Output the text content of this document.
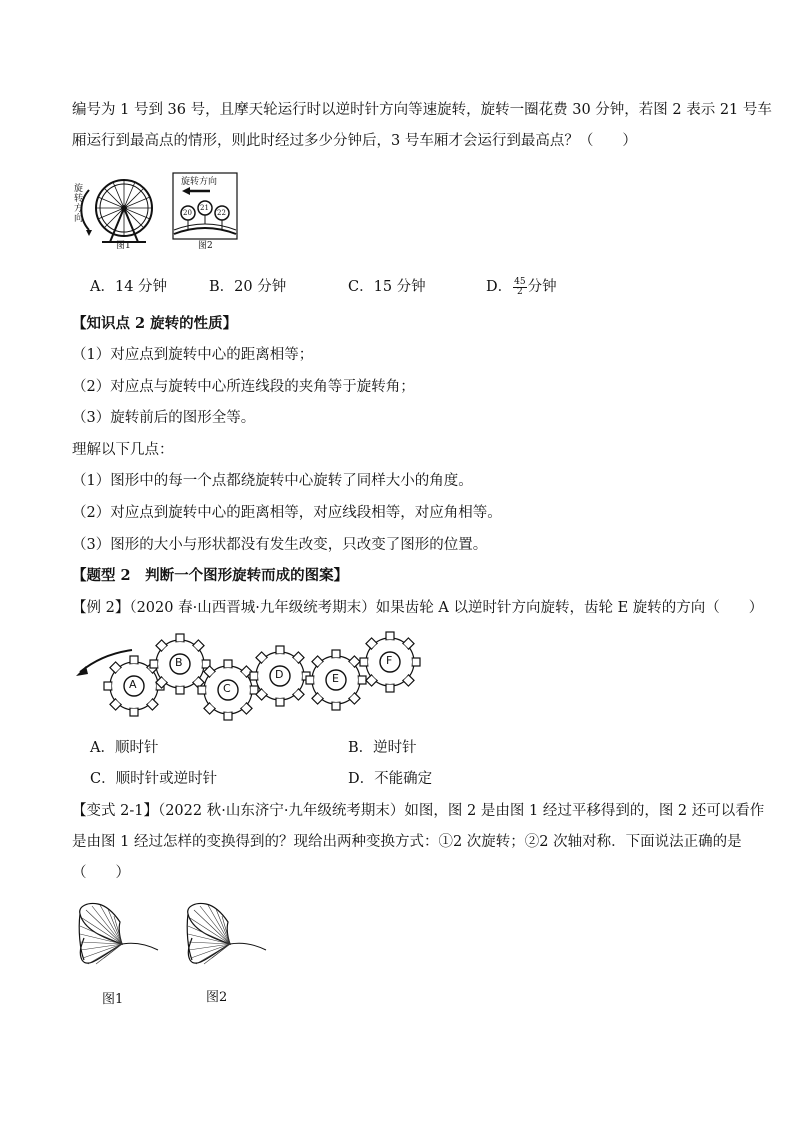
编号为 1 号到 36 号，且摩天轮运行时以逆时针方向等速旋转，旋转一圈花费 30 分钟，若图 2 表示 21 号车
厢运行到最高点的情形，则此时经过多少分钟后，3 号车厢才会运行到最高点？（　　）
旋
转
方
向
图1
旋转方向
20
21
22
图2
A．14 分钟	B．20 分钟	C．15 分钟	D． $\frac{45}{2}$ 分钟
【知识点 2 旋转的性质】
（1）对应点到旋转中心的距离相等；
（2）对应点与旋转中心所连线段的夹角等于旋转角；
（3）旋转前后的图形全等。
理解以下几点：
（1）图形中的每一个点都绕旋转中心旋转了同样大小的角度。
（2）对应点到旋转中心的距离相等，对应线段相等，对应角相等。
（3）图形的大小与形状都没有发生改变，只改变了图形的位置。
【题型 2　判断一个图形旋转而成的图案】
【例 2】（2020 春·山西晋城·九年级统考期末）如果齿轮 A 以逆时针方向旋转，齿轮 E 旋转的方向（　　）
A
B
C
D	E
F
A．顺时针	B．逆时针
C．顺时针或逆时针	D．不能确定
【变式 2-1】（2022 秋·山东济宁·九年级统考期末）如图，图 2 是由图 1 经过平移得到的，图 2 还可以看作
是由图 1 经过怎样的变换得到的？现给出两种变换方式：①2 次旋转；②2 次轴对称．下面说法正确的是
（　　）
图1	图2
